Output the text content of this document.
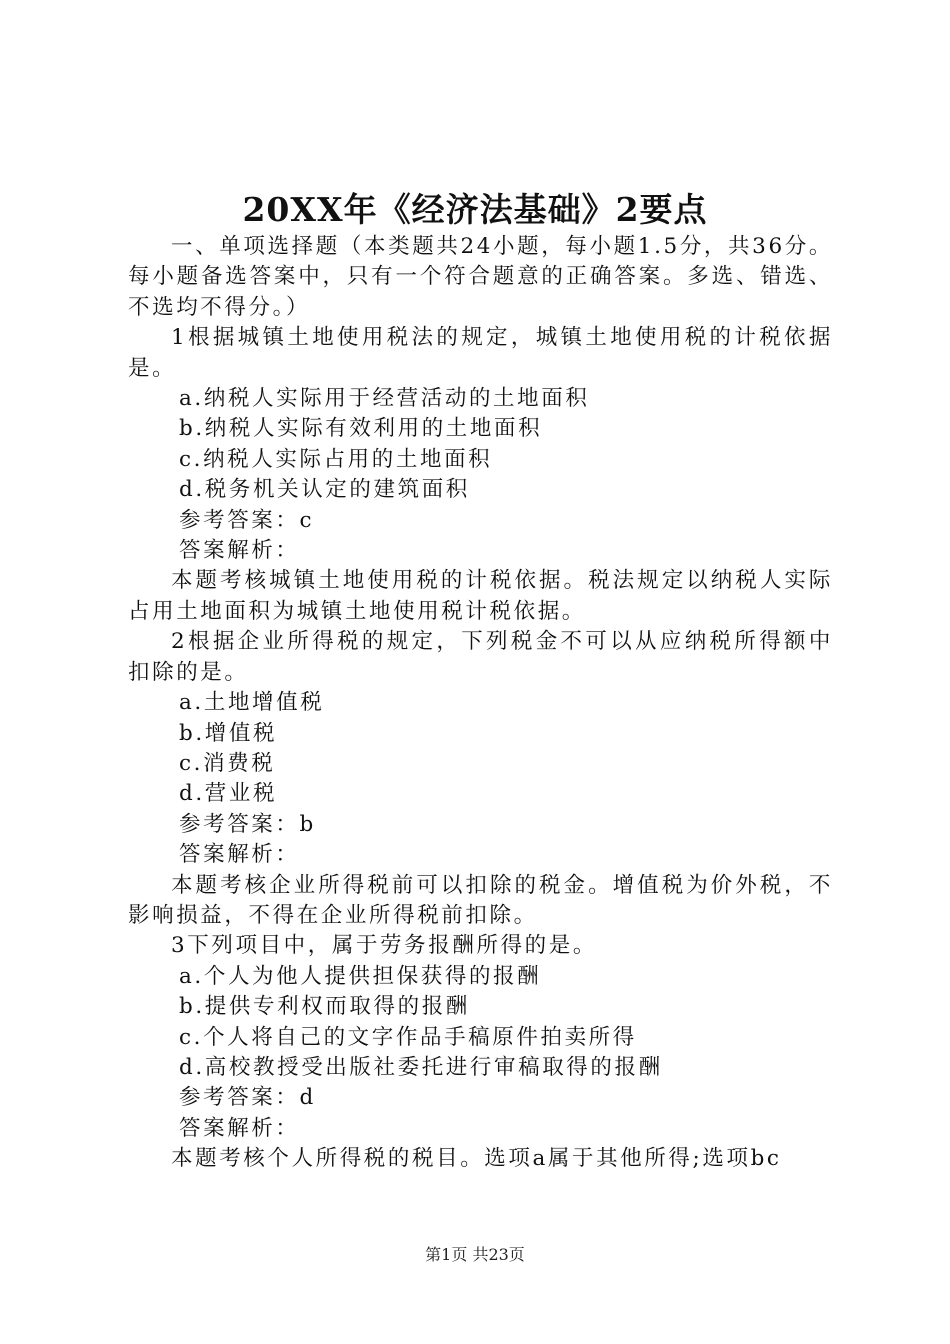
20XX年《经济法基础》2要点

一、单项选择题（本类题共24小题，每小题1.5分，共36分。每小题备选答案中，只有一个符合题意的正确答案。多选、错选、不选均不得分。）

1根据城镇土地使用税法的规定，城镇土地使用税的计税依据是。

a.纳税人实际用于经营活动的土地面积

b.纳税人实际有效利用的土地面积

c.纳税人实际占用的土地面积

d.税务机关认定的建筑面积

参考答案：c

答案解析：

本题考核城镇土地使用税的计税依据。税法规定以纳税人实际占用土地面积为城镇土地使用税计税依据。

2根据企业所得税的规定，下列税金不可以从应纳税所得额中扣除的是。

a.土地增值税

b.增值税

c.消费税

d.营业税

参考答案：b

答案解析：

本题考核企业所得税前可以扣除的税金。增值税为价外税，不影响损益，不得在企业所得税前扣除。

3下列项目中，属于劳务报酬所得的是。

a.个人为他人提供担保获得的报酬

b.提供专利权而取得的报酬

c.个人将自己的文字作品手稿原件拍卖所得

d.高校教授受出版社委托进行审稿取得的报酬

参考答案：d

答案解析：

本题考核个人所得税的税目。选项a属于其他所得;选项bc

第1页 共23页
